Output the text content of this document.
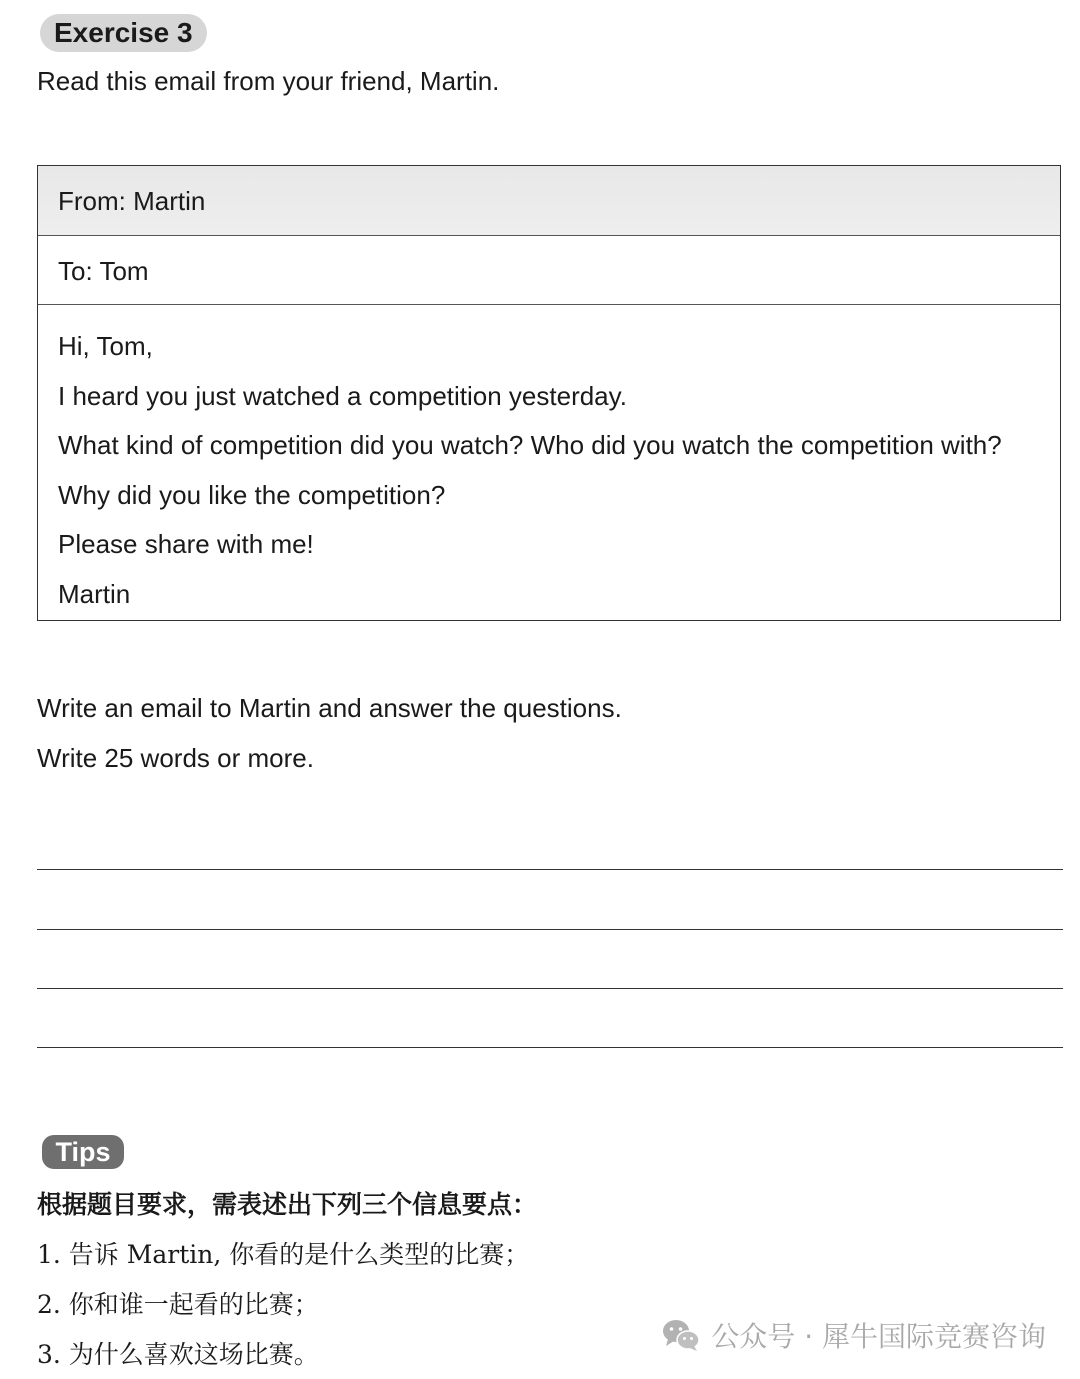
Exercise 3
Read this email from your friend, Martin.
From: Martin
To: Tom
Hi, Tom,
I heard you just watched a competition yesterday.
What kind of competition did you watch? Who did you watch the competition with?
Why did you like the competition?
Please share with me!
Martin
Write an email to Martin and answer the questions.
Write 25 words or more.
Tips
根据题目要求，需表述出下列三个信息要点：
1. 告诉 Martin, 你看的是什么类型的比赛；
2. 你和谁一起看的比赛；
3. 为什么喜欢这场比赛。
公众号 · 犀牛国际竞赛咨询
